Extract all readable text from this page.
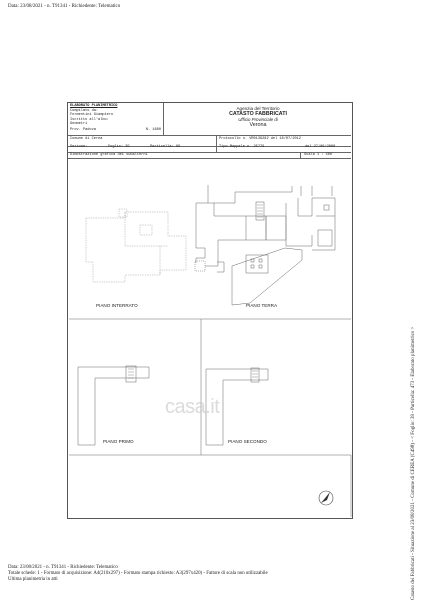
Data: 23/08/2021 - n. T91341 - Richiedente: Telematico
ELABORATO PLANIMETRICO
Compilato da:
Formentini Giampiero
Iscritto all'albo:
Geometri
Prov. Padova	N. 1680
Agenzia del Territorio
CATASTO FABBRICATI
Ufficio Provinciale di
Verona
Comune di Cerea
Sezione:	Foglio: 39	Particella: 66
Protocollo n. VR0139282 del 18/07/2012
Tipo Mappale n. 25779	del 27/06/2000
Dimostrazione grafica dei subalterni	Scala 1 : 500
PIANO INTERRATO	PIANO TERRA
PIANO PRIMO	PIANO SECONDO
casa.it
Data: 23/08/2021 - n. T91341 - Richiedente: Telematico
Totale schede: 1 - Formato di acquisizione: A4(210x297) - Formato stampa richiesto: A3(297x420) - Fattore di scala non utilizzabile
Ultima planimetria in atti	Catasto dei Fabbricati - Situazione al 23/08/2021 - Comune di CEREA (C498) - < Foglio: 39 - Particella: 473 - Elaborato planimetrico >
